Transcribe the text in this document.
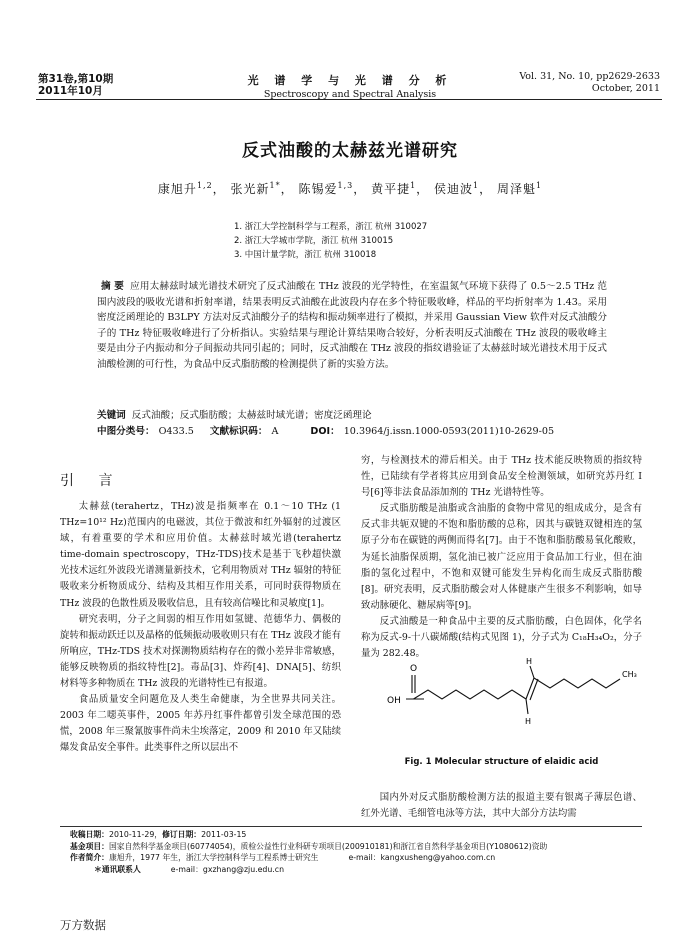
第31卷,第10期
2011年10月
光 谱 学 与 光 谱 分 析
Spectroscopy and Spectral Analysis
Vol. 31, No. 10, pp2629-2633
October, 2011
反式油酸的太赫兹光谱研究
康旭升$^{1,2}$， 张光新$^{1*}$， 陈锡爱$^{1,3}$， 黄平捷$^1$， 侯迪波$^1$， 周泽魁$^1$
1. 浙江大学控制科学与工程系，浙江 杭州 310027
2. 浙江大学城市学院，浙江 杭州 310015
3. 中国计量学院，浙江 杭州 310018
摘 要 应用太赫兹时域光谱技术研究了反式油酸在 THz 波段的光学特性，在室温氮气环境下获得了 0.5～2.5 THz 范围内波段的吸收光谱和折射率谱，结果表明反式油酸在此波段内存在多个特征吸收峰，样品的平均折射率为 1.43。采用密度泛函理论的 B3LPY 方法对反式油酸分子的结构和振动频率进行了模拟，并采用 Gaussian View 软件对反式油酸分子的 THz 特征吸收峰进行了分析指认。实验结果与理论计算结果吻合较好，分析表明反式油酸在 THz 波段的吸收峰主要是由分子内振动和分子间振动共同引起的；同时，反式油酸在 THz 波段的指纹谱验证了太赫兹时域光谱技术用于反式油酸检测的可行性，为食品中反式脂肪酸的检测提供了新的实验方法。
关键词 反式油酸；反式脂肪酸；太赫兹时域光谱；密度泛函理论
中图分类号： O433.5 文献标识码： A	DOI： 10.3964/j.issn.1000-0593(2011)10-2629-05
引 言

太赫兹(terahertz，THz)波是指频率在 0.1～10 THz (1 THz=10¹² Hz)范围内的电磁波，其位于微波和红外辐射的过渡区域，有着重要的学术和应用价值。太赫兹时域光谱(terahertz time-domain spectroscopy，THz-TDS)技术是基于飞秒超快激光技术远红外波段光谱测量新技术，它利用物质对 THz 辐射的特征吸收来分析物质成分、结构及其相互作用关系，可同时获得物质在 THz 波段的色散性质及吸收信息，且有较高信噪比和灵敏度[1]。

研究表明，分子之间弱的相互作用如氢键、范德华力、偶极的旋转和振动跃迁以及晶格的低频振动吸收则只有在 THz 波段才能有所响应，THz-TDS 技术对探测物质结构存在的微小差异非常敏感，能够反映物质的指纹特性[2]。毒品[3]、炸药[4]、DNA[5]、纺织材料等多种物质在 THz 波段的光谱特性已有报道。

食品质量安全问题危及人类生命健康，为全世界共同关注。2003 年二噁英事件，2005 年苏丹红事件都曾引发全球范围的恐慌，2008 年三聚氰胺事件尚未尘埃落定，2009 和 2010 年又陆续爆发食品安全事件。此类事件之所以层出不

穷，与检测技术的滞后相关。由于 THz 技术能反映物质的指纹特性，已陆续有学者将其应用到食品安全检测领域，如研究苏丹红 I 号[6]等非法食品添加剂的 THz 光谱特性等。

反式脂肪酸是油脂或含油脂的食物中常见的组成成分，是含有反式非共轭双键的不饱和脂肪酸的总称，因其与碳链双键相连的氢原子分布在碳链的两侧而得名[7]。由于不饱和脂肪酸易氧化酸败，为延长油脂保质期，氢化油已被广泛应用于食品加工行业，但在油脂的氢化过程中，不饱和双键可能发生异构化而生成反式脂肪酸[8]。研究表明，反式脂肪酸会对人体健康产生很多不利影响，如导致动脉硬化、糖尿病等[9]。

反式油酸是一种食品中主要的反式脂肪酸，白色固体，化学名称为反式-9-十八碳烯酸(结构式见图 1)，分子式为 C₁₈H₃₄O₂，分子量为 282.48。

O
OH
H
H
CH₃
Fig. 1 Molecular structure of elaidic acid

国内外对反式脂肪酸检测方法的报道主要有银离子薄层色谱、红外光谱、毛细管电泳等方法，其中大部分方法均需

收稿日期：2010-11-29，修订日期：2011-03-15
基金项目：国家自然科学基金项目(60774054)，质检公益性行业科研专项项目(200910181)和浙江省自然科学基金项目(Y1080612)资助
作者简介：康旭升，1977 年生，浙江大学控制科学与工程系博士研究生	e-mail：kangxusheng@yahoo.com.cn
＊通讯联系人	e-mail：gxzhang@zju.edu.cn
万方数据
